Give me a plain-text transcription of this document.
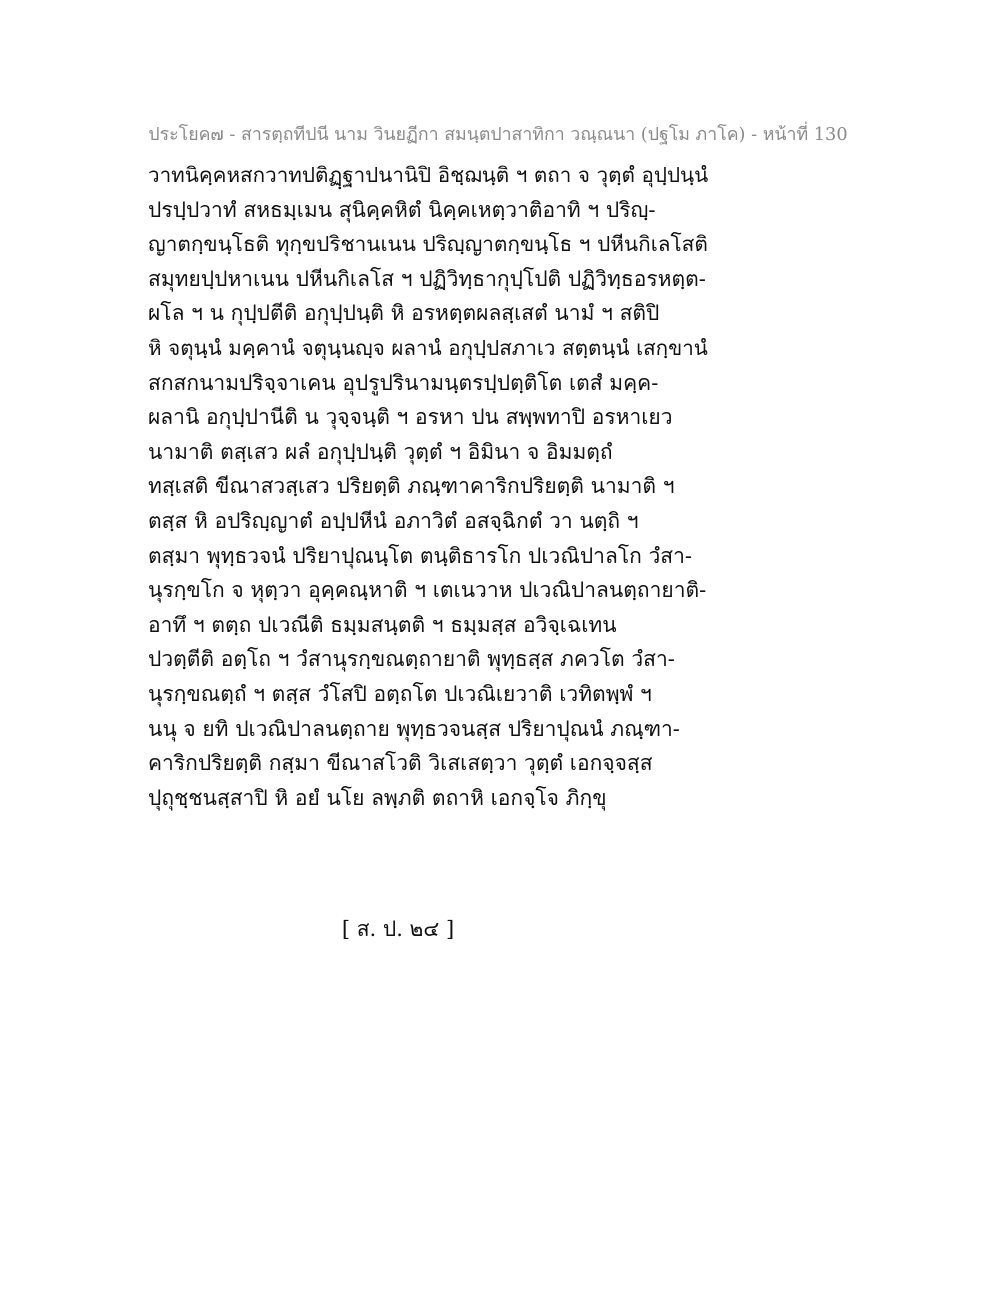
ประโยค๗ - สารตฺถทีปนี นาม วินยฏีกา สมนฺตปาสาทิกา วณฺณนา (ปฐโม ภาโค) - หน้าที่ 130
วาทนิคฺคหสกวาทปติฏฺฐาปนานิปิ อิชฺฌนฺติ ฯ ตถา จ วุตฺตํ อุปฺปนฺนํ
ปรปฺปวาทํ สหธมฺเมน สุนิคฺคหิตํ นิคฺคเหตฺวาติอาทิ ฯ ปริญฺ-
ญาตกฺขนฺโธติ ทุกฺขปริชานเนน ปริญฺญาตกฺขนฺโธ ฯ ปหีนกิเลโสติ
สมุทยปฺปหาเนน ปหีนกิเลโส ฯ ปฏิวิทฺธากุปฺโปติ ปฏิวิทฺธอรหตฺต-
ผโล ฯ น กุปฺปตีติ อกุปฺปนฺติ หิ อรหตฺตผลสฺเสตํ นามํ ฯ สติปิ
หิ จตุนฺนํ มคฺคานํ จตุนฺนญฺจ ผลานํ อกุปฺปสภาเว สตฺตนฺนํ เสกฺขานํ
สกสกนามปริจฺจาเคน อุปรูปรินามนฺตรปฺปตฺติโต เตสํ มคฺค-
ผลานิ อกุปฺปานีติ น วุจฺจนฺติ ฯ อรหา ปน สพฺพทาปิ อรหาเยว
นามาติ ตสฺเสว ผลํ อกุปฺปนฺติ วุตฺตํ ฯ อิมินา จ อิมมตฺถํ
ทสฺเสติ ขีณาสวสฺเสว ปริยตฺติ ภณฺฑาคาริกปริยตฺติ นามาติ ฯ
ตสฺส หิ อปริญฺญาตํ อปฺปหีนํ อภาวิตํ อสจฺฉิกตํ วา นตฺถิ ฯ
ตสฺมา พุทฺธวจนํ ปริยาปุณนฺโต ตนฺติธารโก ปเวณิปาลโก วํสา-
นุรกฺขโก จ หุตฺวา อุคฺคณฺหาติ ฯ เตเนวาห ปเวณิปาลนตฺถายาติ-
อาทึ ฯ ตตฺถ ปเวณีติ ธมฺมสนฺตติ ฯ ธมฺมสฺส อวิจฺเฉเทน
ปวตฺตีติ อตฺโถ ฯ วํสานุรกฺขณตฺถายาติ พุทฺธสฺส ภควโต วํสา-
นุรกฺขณตฺถํ ฯ ตสฺส วํโสปิ อตฺถโต ปเวณิเยวาติ เวทิตพฺพํ ฯ
นนุ จ ยทิ ปเวณิปาลนตฺถาย พุทฺธวจนสฺส ปริยาปุณนํ ภณฺฑา-
คาริกปริยตฺติ กสฺมา ขีณาสโวติ วิเสเสตฺวา วุตฺตํ เอกจฺจสฺส
ปุถุชฺชนสฺสาปิ หิ อยํ นโย ลพฺภติ ตถาหิ เอกจฺโจ ภิกฺขุ
[ ส. ป. ๒๔ ]
